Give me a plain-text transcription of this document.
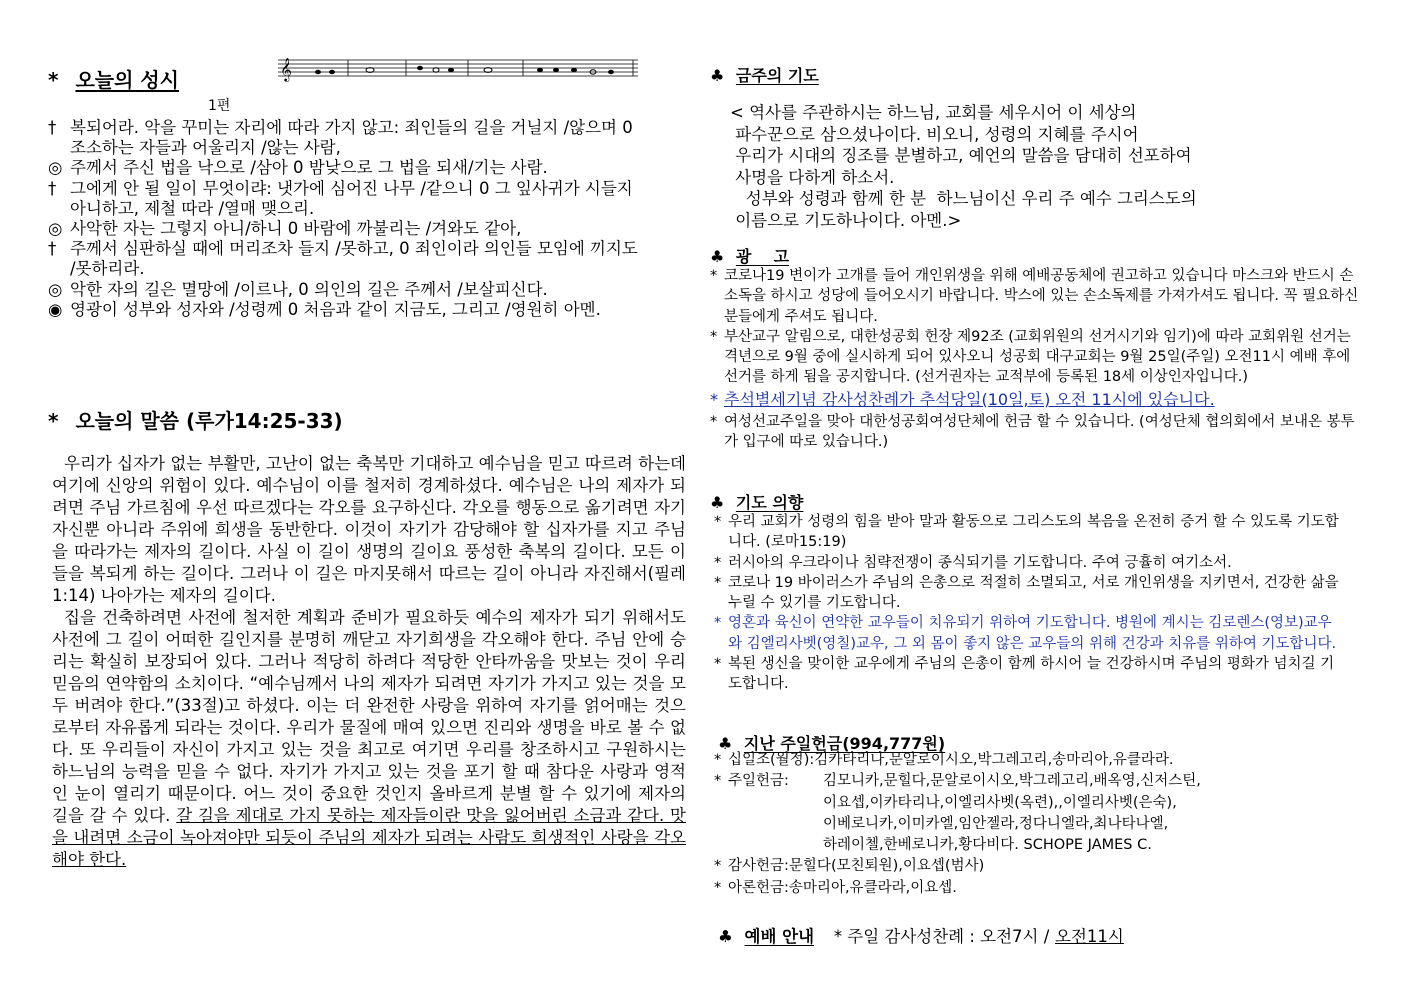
* 오늘의 성시	𝄞
1편
† 복되어라. 악을 꾸미는 자리에 따라 가지 않고: 죄인들의 길을 거닐지 /않으며 0 조소하는 자들과 어울리지 /않는 사람,
◎ 주께서 주신 법을 낙으로 /삼아 0 밤낮으로 그 법을 되새/기는 사람.
† 그에게 안 될 일이 무엇이랴: 냇가에 심어진 나무 /같으니 0 그 잎사귀가 시들지 아니하고, 제철 따라 /열매 맺으리.
◎ 사악한 자는 그렇지 아니/하니 0 바람에 까불리는 /겨와도 같아,
† 주께서 심판하실 때에 머리조차 들지 /못하고, 0 죄인이라 의인들 모임에 끼지도 /못하리라.
◎ 악한 자의 길은 멸망에 /이르나, 0 의인의 길은 주께서 /보살피신다.
◉ 영광이 성부와 성자와 /성령께 0 처음과 같이 지금도, 그리고 /영원히 아멘.
* 오늘의 말씀 (루가14:25-33)

우리가 십자가 없는 부활만, 고난이 없는 축복만 기대하고 예수님을 믿고 따르려 하는데 여기에 신앙의 위험이 있다. 예수님이 이를 철저히 경계하셨다. 예수님은 나의 제자가 되려면 주님 가르침에 우선 따르겠다는 각오를 요구하신다. 각오를 행동으로 옮기려면 자기 자신뿐 아니라 주위에 희생을 동반한다. 이것이 자기가 감당해야 할 십자가를 지고 주님을 따라가는 제자의 길이다. 사실 이 길이 생명의 길이요 풍성한 축복의 길이다. 모든 이들을 복되게 하는 길이다. 그러나 이 길은 마지못해서 따르는 길이 아니라 자진해서(필레1:14) 나아가는 제자의 길이다.

집을 건축하려면 사전에 철저한 계획과 준비가 필요하듯 예수의 제자가 되기 위해서도 사전에 그 길이 어떠한 길인지를 분명히 깨닫고 자기희생을 각오해야 한다. 주님 안에 승리는 확실히 보장되어 있다. 그러나 적당히 하려다 적당한 안타까움을 맛보는 것이 우리 믿음의 연약함의 소치이다. “예수님께서 나의 제자가 되려면 자기가 가지고 있는 것을 모두 버려야 한다.”(33절)고 하셨다. 이는 더 완전한 사랑을 위하여 자기를 얽어매는 것으로부터 자유롭게 되라는 것이다. 우리가 물질에 매여 있으면 진리와 생명을 바로 볼 수 없다. 또 우리들이 자신이 가지고 있는 것을 최고로 여기면 우리를 창조하시고 구원하시는 하느님의 능력을 믿을 수 없다. 자기가 가지고 있는 것을 포기 할 때 참다운 사랑과 영적인 눈이 열리기 때문이다. 어느 것이 중요한 것인지 올바르게 분별 할 수 있기에 제자의 길을 갈 수 있다. 갈 길을 제대로 가지 못하는 제자들이란 맛을 잃어버린 소금과 같다. 맛을 내려면 소금이 녹아져야만 되듯이 주님의 제자가 되려는 사람도 희생적인 사랑을 각오해야 한다.

♣ 금주의 기도
< 역사를 주관하시는 하느님, 교회를 세우시어 이 세상의
파수꾼으로 삼으셨나이다. 비오니, 성령의 지혜를 주시어
우리가 시대의 징조를 분별하고, 예언의 말씀을 담대히 선포하여
사명을 다하게 하소서.
성부와 성령과 함께 한 분  하느님이신 우리 주 예수 그리스도의
이름으로 기도하나이다. 아멘.>
♣ 광    고
* 코로나19 변이가 고개를 들어 개인위생을 위해 예배공동체에 권고하고 있습니다 마스크와 반드시 손 소독을 하시고 성당에 들어오시기 바랍니다. 박스에 있는 손소독제를 가져가셔도 됩니다. 꼭 필요하신 분들에게 주셔도 됩니다.
* 부산교구 알림으로, 대한성공회 헌장 제92조 (교회위원의 선거시기와 임기)에 따라 교회위원 선거는 격년으로 9월 중에 실시하게 되어 있사오니 성공회 대구교회는 9월 25일(주일) 오전11시 예배 후에 선거를 하게 됨을 공지합니다. (선거권자는 교적부에 등록된 18세 이상인자입니다.)
* 추석별세기념 감사성찬례가 추석당일(10일,토) 오전 11시에 있습니다.
* 여성선교주일을 맞아 대한성공회여성단체에 헌금 할 수 있습니다. (여성단체 협의회에서 보내온 봉투가 입구에 따로 있습니다.)
♣ 기도 의향
* 우리 교회가 성령의 힘을 받아 말과 활동으로 그리스도의 복음을 온전히 증거 할 수 있도록 기도합니다. (로마15:19)
* 러시아의 우크라이나 침략전쟁이 종식되기를 기도합니다. 주여 긍휼히 여기소서.
* 코로나 19 바이러스가 주님의 은총으로 적절히 소멸되고, 서로 개인위생을 지키면서, 건강한 삶을 누릴 수 있기를 기도합니다.
* 영혼과 육신이 연약한 교우들이 치유되기 위하여 기도합니다. 병원에 계시는 김로렌스(영보)교우와 김엘리사벳(영칠)교우, 그 외 몸이 좋지 않은 교우들의 위해 건강과 치유를 위하여 기도합니다.
* 복된 생신을 맞이한 교우에게 주님의 은총이 함께 하시어 늘 건강하시며 주님의 평화가 넘치길 기도합니다.
♣ 지난 주일헌금(994,777원)
* 십일조(월정): 김카타리나,문알로이시오,박그레고리,송마리아,유클라라.
* 주일헌금:	김모니카,문힐다,문알로이시오,박그레고리,배옥영,신저스틴,
이요셉,이카타리나,이엘리사벳(옥련),,이엘리사벳(은숙),
이베로니카,이미카엘,임안젤라,정다니엘라,최나타나엘,
하레이첼,한베로니카,황다비다. SCHOPE JAMES C.
* 감사헌금: 문힐다(모친퇴원),이요셉(범사)
* 아론헌금: 송마리아,유클라라,이요셉.
♣ 예배 안내 * 주일 감사성찬례 : 오전7시 / 오전11시
